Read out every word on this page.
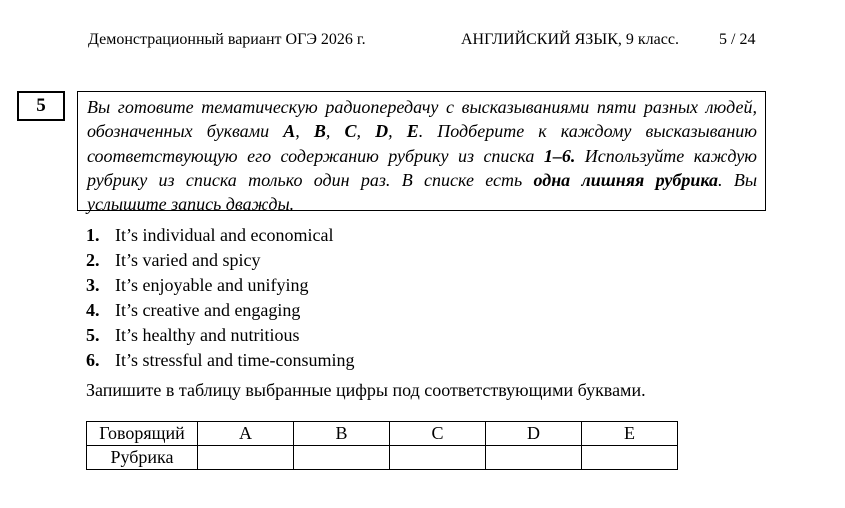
Демонстрационный вариант ОГЭ 2026 г.	АНГЛИЙСКИЙ ЯЗЫК, 9 класс.	5 / 24
5	Вы готовите тематическую радиопередачу с высказываниями пяти разных людей, обозначенных буквами A, B, C, D, E. Подберите к каждому высказыванию соответствующую его содержанию рубрику из списка 1–6. Используйте каждую рубрику из списка только один раз. В списке есть одна лишняя рубрика. Вы услышите запись дважды.
1. It’s individual and economical
2. It’s varied and spicy
3. It’s enjoyable and unifying
4. It’s creative and engaging
5. It’s healthy and nutritious
6. It’s stressful and time-consuming
Запишите в таблицу выбранные цифры под соответствующими буквами.
Говорящий	A	B	C	D	E
Рубрика					
